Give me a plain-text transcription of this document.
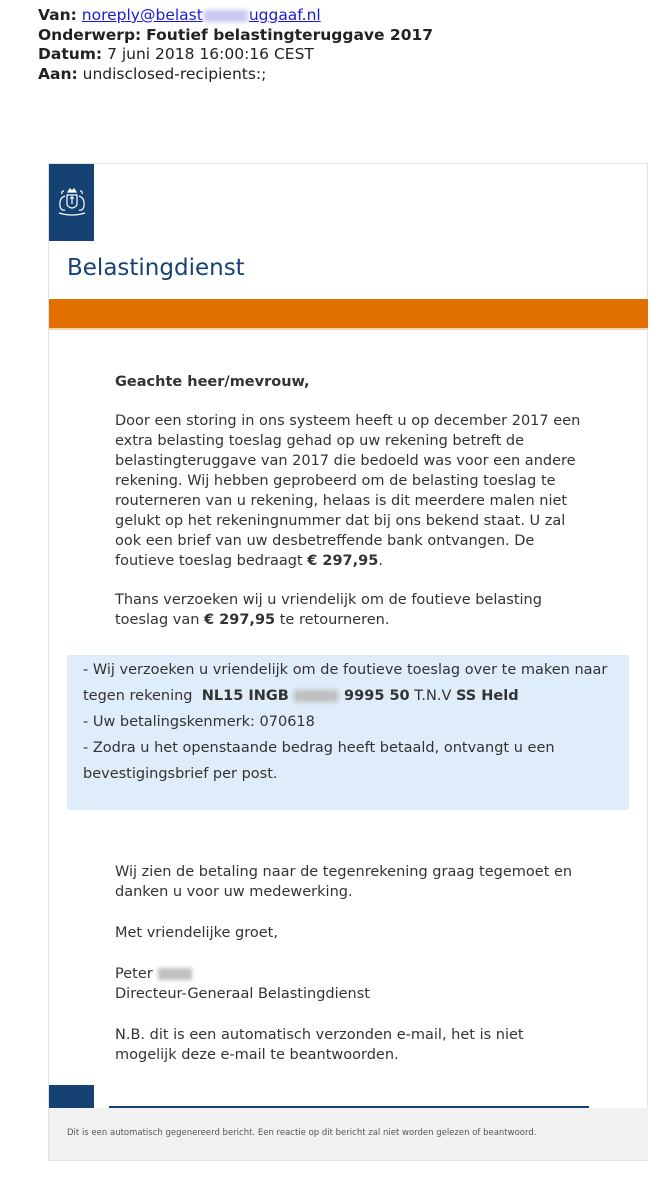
Van: noreply@belast	uggaaf.nl
Onderwerp: Foutief belastingteruggave 2017
Datum: 7 juni 2018 16:00:16 CEST
Aan: undisclosed-recipients:;
Belastingdienst

Geachte heer/mevrouw,

Door een storing in ons systeem heeft u op december 2017 een extra belasting toeslag gehad op uw rekening betreft de belastingteruggave van 2017 die bedoeld was voor een andere rekening. Wij hebben geprobeerd om de belasting toeslag te routerneren van u rekening, helaas is dit meerdere malen niet gelukt op het rekeningnummer dat bij ons bekend staat. U zal ook een brief van uw desbetreffende bank ontvangen. De foutieve toeslag bedraagt € 297,95.

Thans verzoeken wij u vriendelijk om de foutieve belasting toeslag van € 297,95 te retourneren.

- Wij verzoeken u vriendelijk om de foutieve toeslag over te maken naar tegen rekening NL15 INGB	9995 50 T.N.V SS Held
- Uw betalingskenmerk: 070618
- Zodra u het openstaande bedrag heeft betaald, ontvangt u een bevestigingsbrief per post.

Wij zien de betaling naar de tegenrekening graag tegemoet en danken u voor uw medewerking.

Met vriendelijke groet,

Peter
Directeur-Generaal Belastingdienst

N.B. dit is een automatisch verzonden e-mail, het is niet mogelijk deze e-mail te beantwoorden.

Dit is een automatisch gegenereerd bericht. Een reactie op dit bericht zal niet worden gelezen of beantwoord.
